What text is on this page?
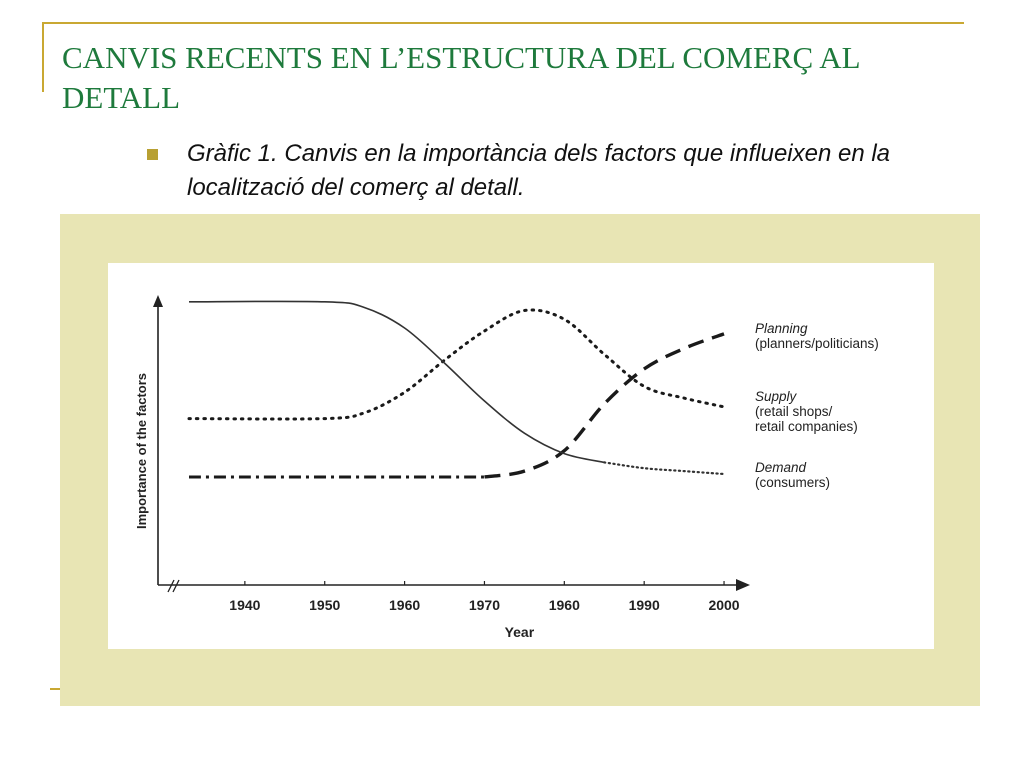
CANVIS RECENTS EN L’ESTRUCTURA DEL COMERÇ AL DETALL

Gràfic 1. Canvis en la importància dels factors que influeixen en la localització del comerç al detall.

1940	1950	1960	1970	1960	1990	2000
Year
Importance of the factors
Planning
(planners/politicians)
Supply
(retail shops/
retail companies)
Demand
(consumers)
